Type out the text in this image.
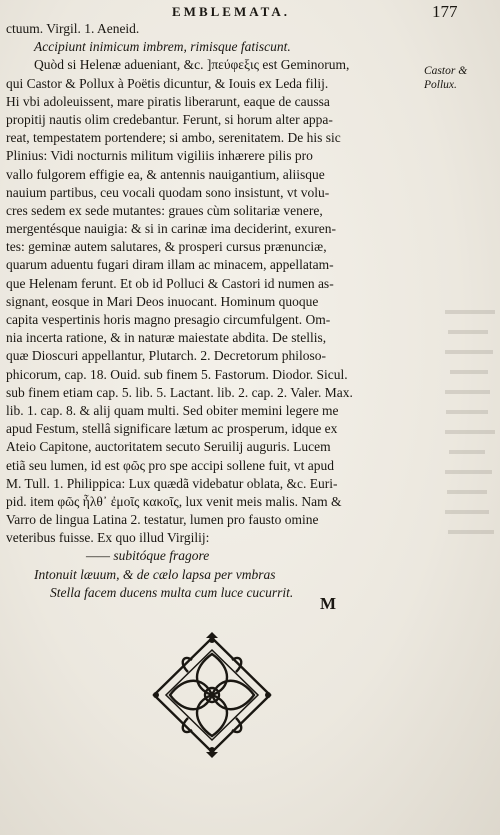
EMBLEMATA.	177
ctuum. Virgil. 1. Aeneid.
Accipiunt inimicum imbrem, rimisque fatiscunt.
Quòd si Helenæ adueniant, &c. ]πεύφεξις est Geminorum,
qui Castor & Pollux à Poëtis dicuntur, & Iouis ex Leda filij.
Hi vbi adoleuissent, mare piratis liberarunt, eaque de caussa
propitij nautis olim credebantur. Ferunt, si horum alter appa-
reat, tempestatem portendere; si ambo, serenitatem. De his sic
Plinius: Vidi nocturnis militum vigiliis inhærere pilis pro
vallo fulgorem effigie ea, & antennis nauigantium, aliisque
nauium partibus, ceu vocali quodam sono insistunt, vt volu-
cres sedem ex sede mutantes: graues cùm solitariæ venere,
mergentésque nauigia: & si in carinæ ima deciderint, exuren-
tes: geminæ autem salutares, & prosperi cursus prænunciæ,
quarum aduentu fugari diram illam ac minacem, appellatam-
que Helenam ferunt. Et ob id Polluci & Castori id numen as-
signant, eosque in Mari Deos inuocant. Hominum quoque
capita vespertinis horis magno presagio circumfulgent. Om-
nia incerta ratione, & in naturæ maiestate abdita. De stellis,
quæ Dioscuri appellantur, Plutarch. 2. Decretorum philoso-
phicorum, cap. 18. Ouid. sub finem 5. Fastorum. Diodor. Sicul.
sub finem etiam cap. 5. lib. 5. Lactant. lib. 2. cap. 2. Valer. Max.
lib. 1. cap. 8. & alij quam multi. Sed obiter memini legere me
apud Festum, stellâ significare lætum ac prosperum, idque ex
Ateio Capitone, auctoritatem secuto Seruilij auguris. Lucem
etiã seu lumen, id est φῶς pro spe accipi sollene fuit, vt apud
M. Tull. 1. Philippica: Lux quædã videbatur oblata, &c. Euri-
pid. item φῶς ἦλθ᾽ ἐμοῖς κακοῖς, lux venit meis malis. Nam &
Varro de lingua Latina 2. testatur, lumen pro fausto omine
veteribus fuisse. Ex quo illud Virgilij:
—— subitóque fragore
Intonuit læuum, & de cælo lapsa per vmbras
Stella facem ducens multa cum luce cucurrit.
Castor &
Pollux.
M
